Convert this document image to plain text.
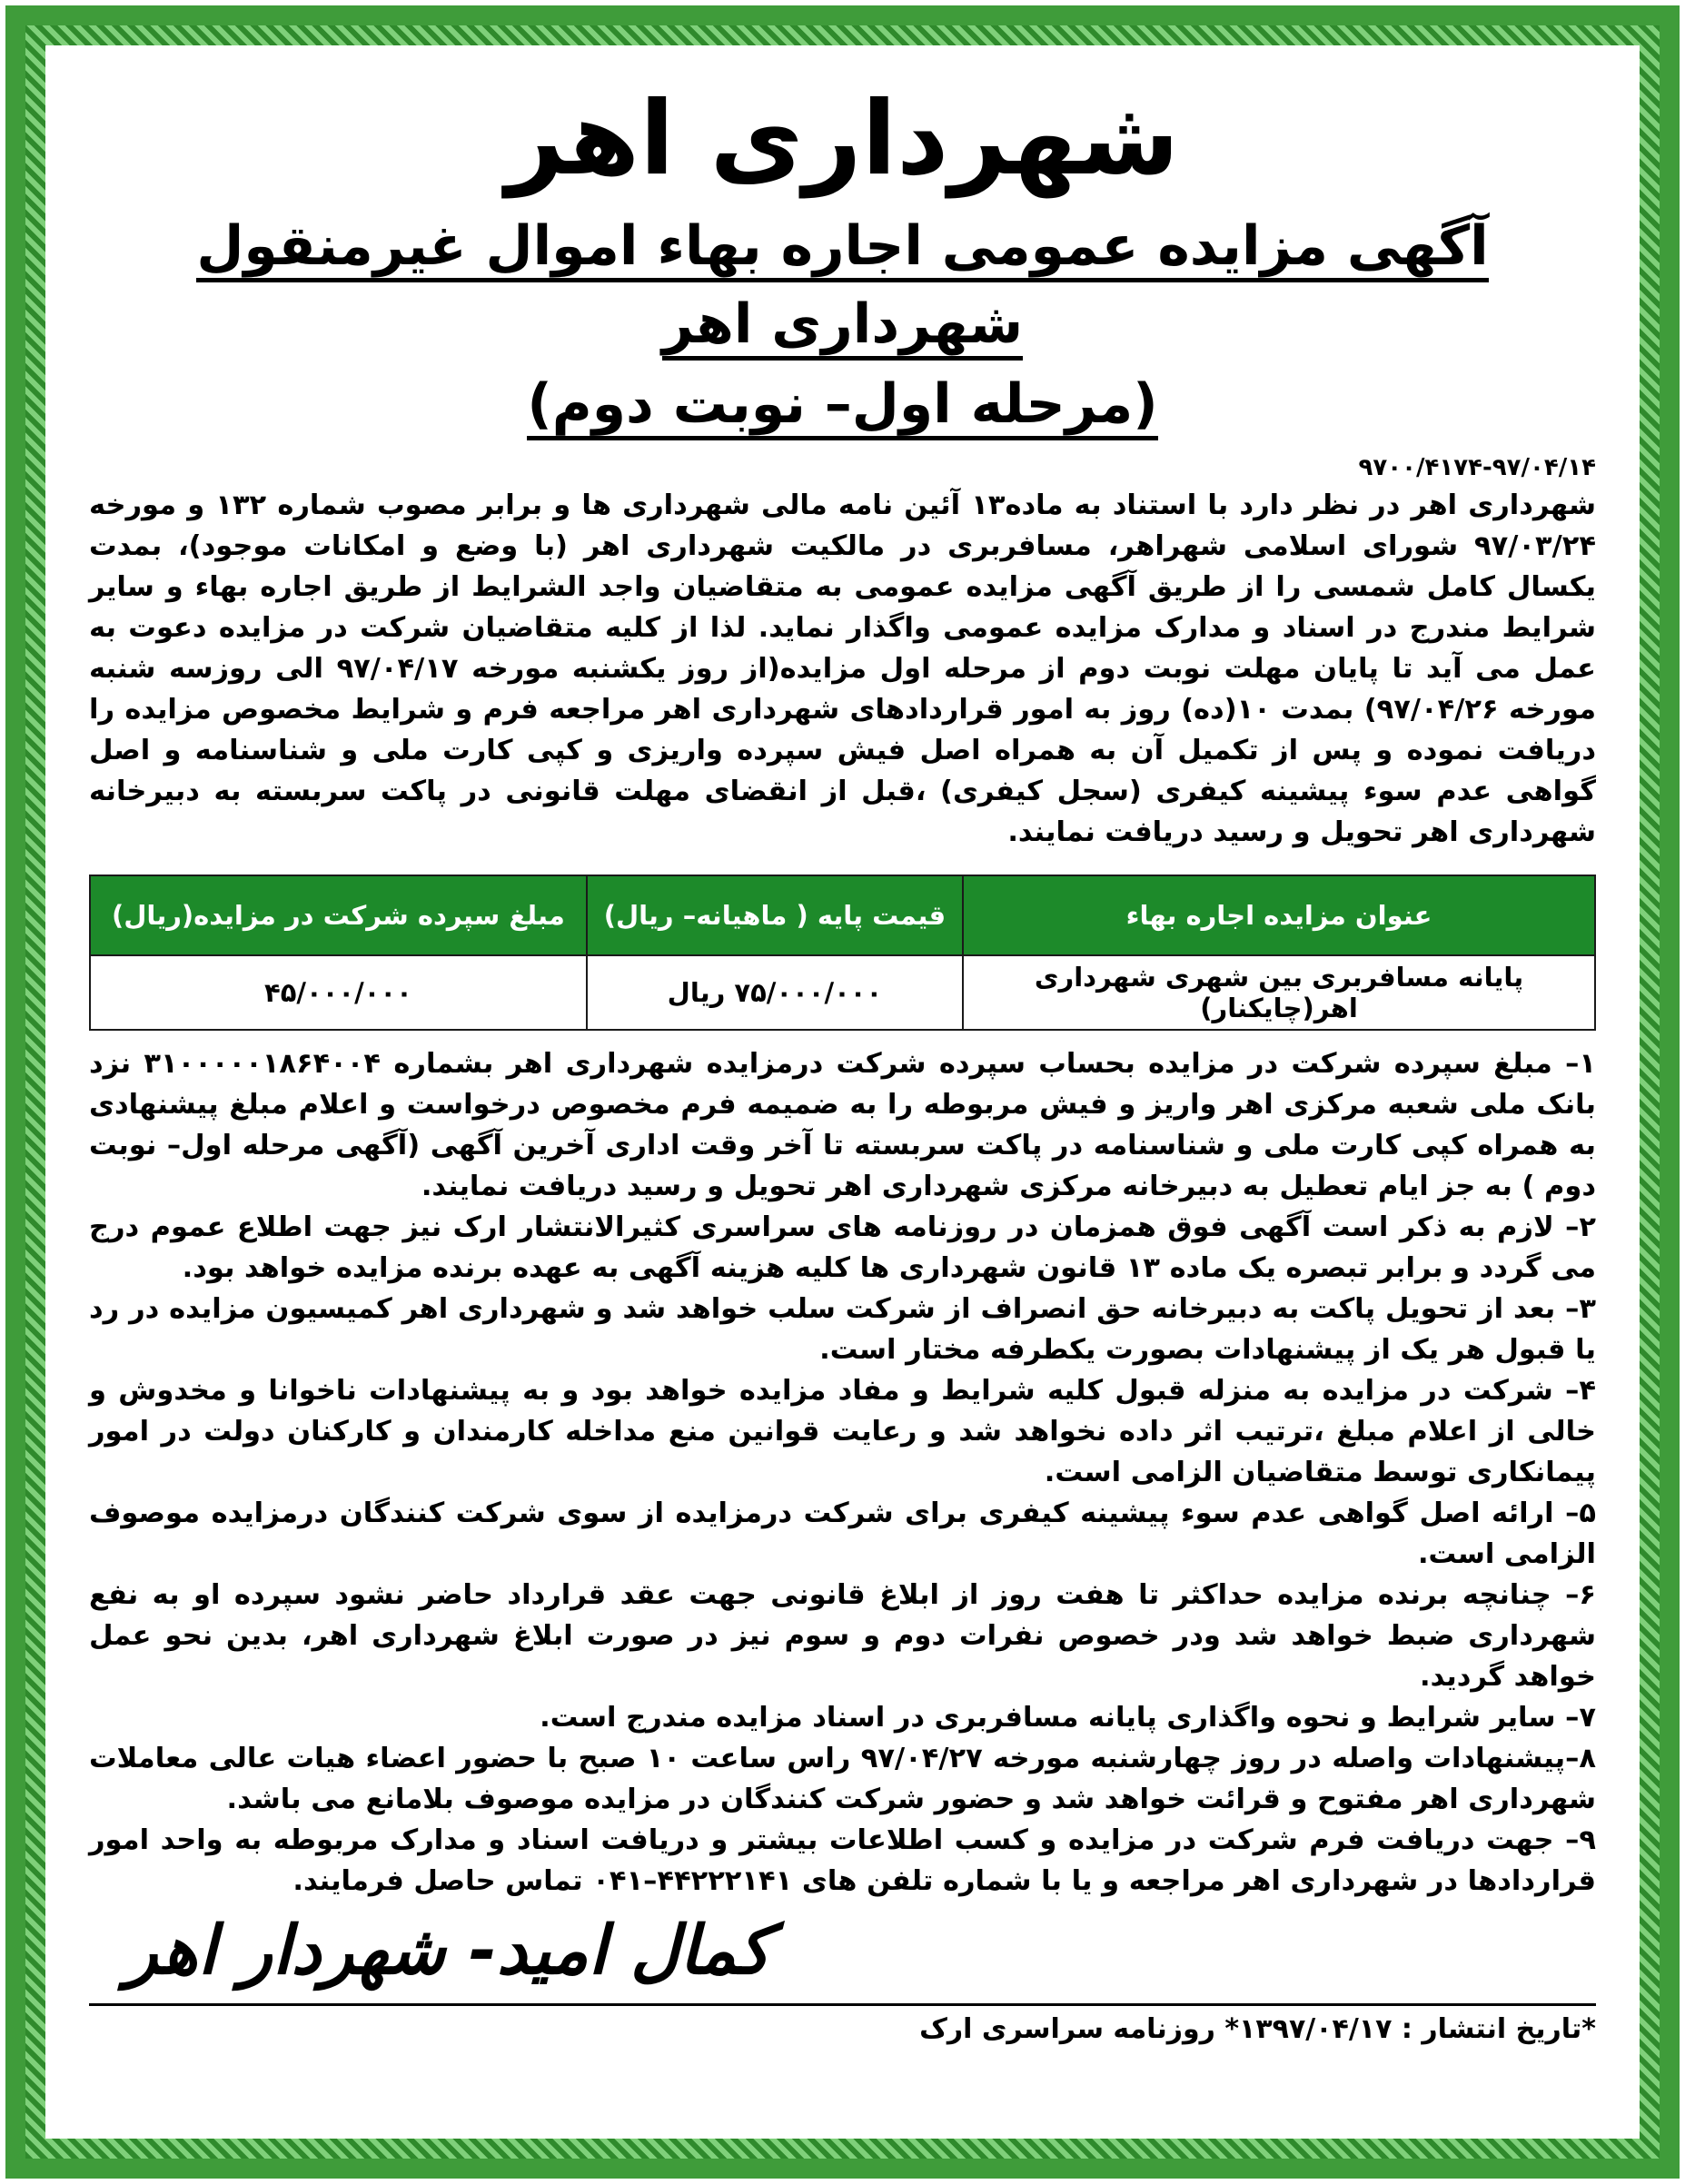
شهرداری اهر
آگهی مزایده عمومی اجاره بهاء اموال غیرمنقول شهرداری اهر
(مرحله اول– نوبت دوم)
۹۷۰۰/۴۱۷۴-۹۷/۰۴/۱۴
شهرداری اهر در نظر دارد با استناد به ماده۱۳ آئین نامه مالی شهرداری ها و برابر مصوب شماره ۱۳۲ و مورخه ۹۷/۰۳/۲۴ شورای اسلامی شهراهر، مسافربری در مالکیت شهرداری اهر (با وضع و امکانات موجود)، بمدت یکسال کامل شمسی را از طریق آگهی مزایده عمومی به متقاضیان واجد الشرایط از طریق اجاره بهاء و سایر شرایط مندرج در اسناد و مدارک مزایده عمومی واگذار نماید. لذا از کلیه متقاضیان شرکت در مزایده دعوت به عمل می آید تا پایان مهلت نوبت دوم از مرحله اول مزایده(از روز یکشنبه مورخه ۹۷/۰۴/۱۷ الی روزسه شنبه مورخه ۹۷/۰۴/۲۶) بمدت ۱۰(ده) روز به امور قراردادهای شهرداری اهر مراجعه فرم و شرایط مخصوص مزایده را دریافت نموده و پس از تکمیل آن به همراه اصل فیش سپرده واریزی و کپی کارت ملی و شناسنامه و اصل گواهی عدم سوء پیشینه کیفری (سجل کیفری) ،قبل از انقضای مهلت قانونی در پاکت سربسته به دبیرخانه شهرداری اهر تحویل و رسید دریافت نمایند.
عنوان مزایده اجاره بهاء	قیمت پایه ( ماهیانه– ریال)	مبلغ سپرده شرکت در مزایده(ریال)
پایانه مسافربری بین شهری شهرداری اهر(چایکنار)	۷۵/۰۰۰/۰۰۰ ریال	۴۵/۰۰۰/۰۰۰
۱– مبلغ سپرده شرکت در مزایده بحساب سپرده شرکت درمزایده شهرداری اهر بشماره ۳۱۰۰۰۰۰۱۸۶۴۰۰۴ نزد بانک ملی شعبه مرکزی اهر واریز و فیش مربوطه را به ضمیمه فرم مخصوص درخواست و اعلام مبلغ پیشنهادی به همراه کپی کارت ملی و شناسنامه در پاکت سربسته تا آخر وقت اداری آخرین آگهی (آگهی مرحله اول– نوبت دوم ) به جز ایام تعطیل به دبیرخانه مرکزی شهرداری اهر تحویل و رسید دریافت نمایند.
۲– لازم به ذکر است آگهی فوق همزمان در روزنامه های سراسری کثیرالانتشار ارک نیز جهت اطلاع عموم درج می گردد و برابر تبصره یک ماده ۱۳ قانون شهرداری ها کلیه هزینه آگهی به عهده برنده مزایده خواهد بود.
۳– بعد از تحویل پاکت به دبیرخانه حق انصراف از شرکت سلب خواهد شد و شهرداری اهر کمیسیون مزایده در رد یا قبول هر یک از پیشنهادات بصورت یکطرفه مختار است.
۴– شرکت در مزایده به منزله قبول کلیه شرایط و مفاد مزایده خواهد بود و به پیشنهادات ناخوانا و مخدوش و خالی از اعلام مبلغ ،ترتیب اثر داده نخواهد شد و رعایت قوانین منع مداخله کارمندان و کارکنان دولت در امور پیمانکاری توسط متقاضیان الزامی است.
۵– ارائه اصل گواهی عدم سوء پیشینه کیفری برای شرکت درمزایده از سوی شرکت کنندگان درمزایده موصوف الزامی است.
۶– چنانچه برنده مزایده حداکثر تا هفت روز از ابلاغ قانونی جهت عقد قرارداد حاضر نشود سپرده او به نفع شهرداری ضبط خواهد شد ودر خصوص نفرات دوم و سوم نیز در صورت ابلاغ شهرداری اهر، بدین نحو عمل خواهد گردید.
۷– سایر شرایط و نحوه واگذاری پایانه مسافربری در اسناد مزایده مندرج است.
۸–پیشنهادات واصله در روز چهارشنبه مورخه ۹۷/۰۴/۲۷ راس ساعت ۱۰ صبح با حضور اعضاء هیات عالی معاملات شهرداری اهر مفتوح و قرائت خواهد شد و حضور شرکت کنندگان در مزایده موصوف بلامانع می باشد.
۹– جهت دریافت فرم شرکت در مزایده و کسب اطلاعات بیشتر و دریافت اسناد و مدارک مربوطه به واحد امور قراردادها در شهرداری اهر مراجعه و یا با شماره تلفن های ۴۴۲۲۲۱۴۱–۰۴۱ تماس حاصل فرمایند.
کمال امید- شهردار اهر
*تاریخ انتشار : ۱۳۹۷/۰۴/۱۷* روزنامه سراسری ارک
